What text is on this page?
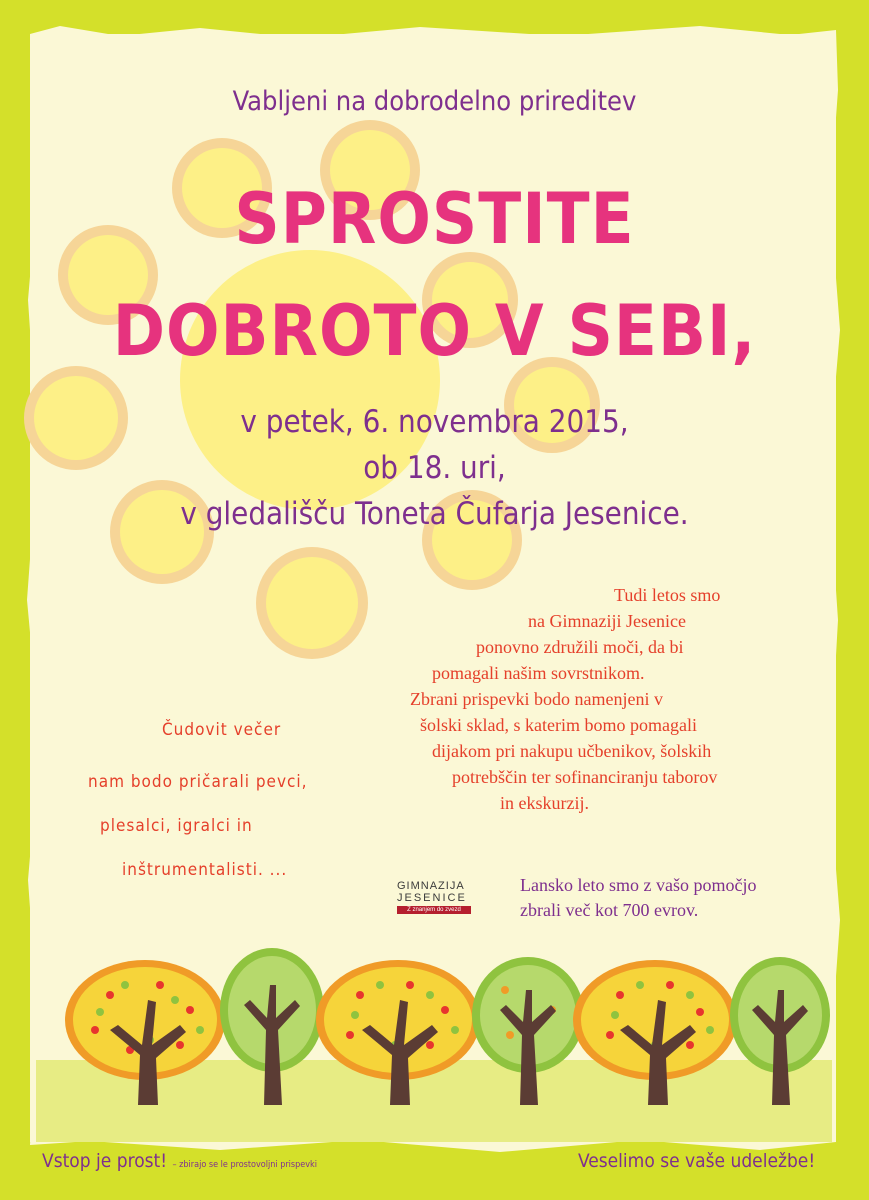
Vabljeni na dobrodelno prireditev
SPROSTITE
DOBROTO V SEBI,
v petek, 6. novembra 2015,
ob 18. uri,
v gledališču Toneta Čufarja Jesenice.
Čudovit večer
nam bodo pričarali pevci,
plesalci, igralci in
inštrumentalisti. ...
Tudi letos smo
na Gimnaziji Jesenice
ponovno združili moči, da bi
pomagali našim sovrstnikom.
Zbrani prispevki bodo namenjeni v
šolski sklad, s katerim bomo pomagali
dijakom pri nakupu učbenikov, šolskih
potrebščin ter sofinanciranju taborov
in ekskurzij.
GIMNAZIJA
JESENICE
Z znanjem do zvezd
Lansko leto smo z vašo pomočjo
zbrali več kot 700 evrov.
Vstop je prost! – zbirajo se le prostovoljni prispevki	Veselimo se vaše udeležbe!
